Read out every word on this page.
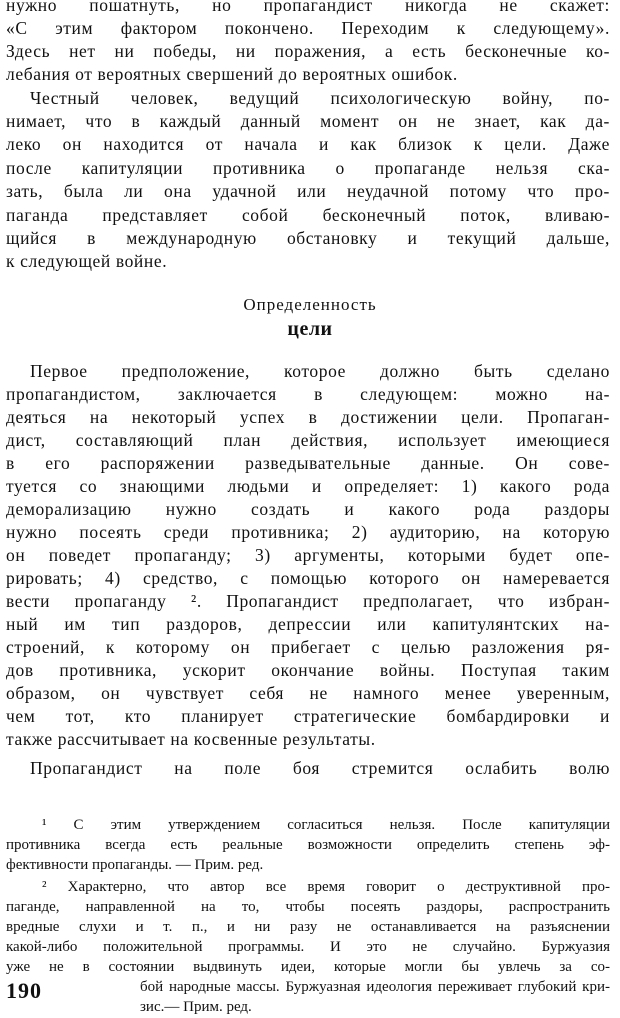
нужно пошатнуть, но пропагандист никогда не скажет:
«С этим фактором покончено. Переходим к следующему».
Здесь нет ни победы, ни поражения, а есть бесконечные ко-
лебания от вероятных свершений до вероятных ошибок.
Честный человек, ведущий психологическую войну, по-
нимает, что в каждый данный момент он не знает, как да-
леко он находится от начала и как близок к цели. Даже
после капитуляции противника о пропаганде нельзя ска-
зать, была ли она удачной или неудачной потому что про-
паганда представляет собой бесконечный поток, вливаю-
щийся в международную обстановку и текущий дальше,
к следующей войне.
Определенность
цели
Первое предположение, которое должно быть сделано
пропагандистом, заключается в следующем: можно на-
деяться на некоторый успех в достижении цели. Пропаган-
дист, составляющий план действия, использует имеющиеся
в его распоряжении разведывательные данные. Он сове-
туется со знающими людьми и определяет: 1) какого рода
деморализацию нужно создать и какого рода раздоры
нужно посеять среди противника; 2) аудиторию, на которую
он поведет пропаганду; 3) аргументы, которыми будет опе-
рировать; 4) средство, с помощью которого он намеревается
вести пропаганду ². Пропагандист предполагает, что избран-
ный им тип раздоров, депрессии или капитулянтских на-
строений, к которому он прибегает с целью разложения ря-
дов противника, ускорит окончание войны. Поступая таким
образом, он чувствует себя не намного менее уверенным,
чем тот, кто планирует стратегические бомбардировки и
также рассчитывает на косвенные результаты.
Пропагандист на поле боя стремится ослабить волю
¹ С этим утверждением согласиться нельзя. После капитуляции
противника всегда есть реальные возможности определить степень эф-
фективности пропаганды. — Прим. ред.
² Характерно, что автор все время говорит о деструктивной про-
паганде, направленной на то, чтобы посеять раздоры, распространить
вредные слухи и т. п., и ни разу не останавливается на разъяснении
какой-либо положительной программы. И это не случайно. Буржуазия
уже не в состоянии выдвинуть идеи, которые могли бы увлечь за со-
бой народные массы. Буржуазная идеология переживает глубокий кри-
зис.— Прим. ред.
190
